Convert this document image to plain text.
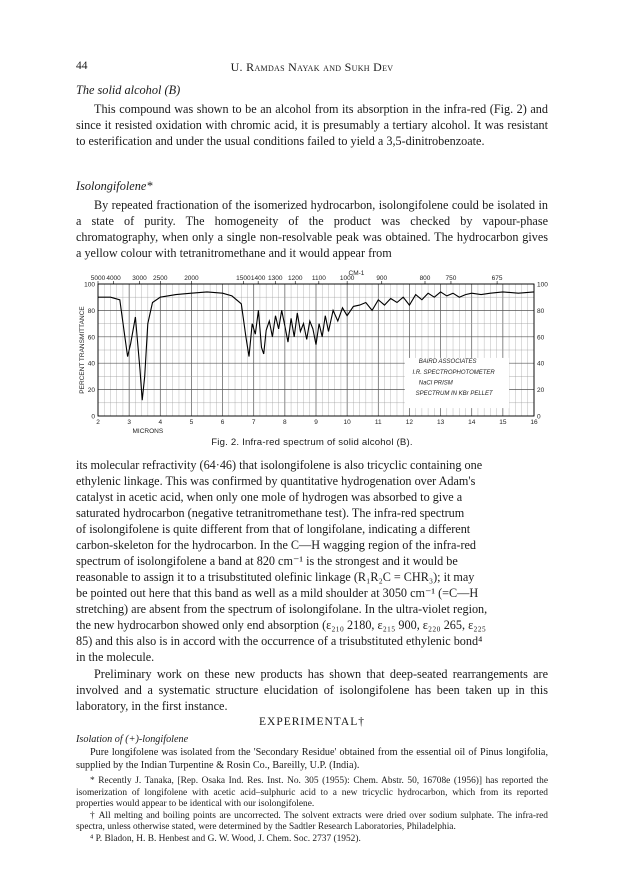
44	U. Ramdas Nayak and Sukh Dev
The solid alcohol (B)
This compound was shown to be an alcohol from its absorption in the infra-red (Fig. 2) and since it resisted oxidation with chromic acid, it is presumably a tertiary alcohol. It was resistant to esterification and under the usual conditions failed to yield a 3,5-dinitrobenzoate.
Isolongifolene*
By repeated fractionation of the isomerized hydrocarbon, isolongifolene could be isolated in a state of purity. The homogeneity of the product was checked by vapour-phase chromatography, when only a single non-resolvable peak was obtained. The hydrocarbon gives a yellow colour with tetranitromethane and it would appear from
5000 4000 3000 2500	2000	1500 1400 1300 1200 1100 1000	900	800 750	675
2	3	4	5	6	7	8	9	10	11	12	13	14	15	16
0
20
40
60
80
100
0
20
40
60
80
100
CM-1
MICRONS
PERCENT TRANSMITTANCE	BAIRD ASSOCIATES
I.R. SPECTROPHOTOMETER
NaCl PRISM
SPECTRUM IN KBr PELLET
Fig. 2. Infra-red spectrum of solid alcohol (B).
its molecular refractivity (64·46) that isolongifolene is also tricyclic containing one
ethylenic linkage. This was confirmed by quantitative hydrogenation over Adam's
catalyst in acetic acid, when only one mole of hydrogen was absorbed to give a
saturated hydrocarbon (negative tetranitromethane test). The infra-red spectrum
of isolongifolene is quite different from that of longifolane, indicating a different
carbon-skeleton for the hydrocarbon. In the C—H wagging region of the infra-red
spectrum of isolongifolene a band at 820 cm⁻¹ is the strongest and it would be
reasonable to assign it to a trisubstituted olefinic linkage (R₁R₂C = CHR₃); it may
be pointed out here that this band as well as a mild shoulder at 3050 cm⁻¹ (=C—H
stretching) are absent from the spectrum of isolongifolane. In the ultra-violet region,
the new hydrocarbon showed only end absorption (ε₂₁₀ 2180, ε₂₁₅ 900, ε₂₂₀ 265, ε₂₂₅
85) and this also is in accord with the occurrence of a trisubstituted ethylenic bond⁴
in the molecule.
Preliminary work on these new products has shown that deep-seated rearrangements are involved and a systematic structure elucidation of isolongifolene has been taken up in this laboratory, in the first instance.
EXPERIMENTAL†
Isolation of (+)-longifolene
Pure longifolene was isolated from the 'Secondary Residue' obtained from the essential oil of Pinus longifolia, supplied by the Indian Turpentine & Rosin Co., Bareilly, U.P. (India).
* Recently J. Tanaka, [Rep. Osaka Ind. Res. Inst. No. 305 (1955): Chem. Abstr. 50, 16708e (1956)] has reported the isomerization of longifolene with acetic acid–sulphuric acid to a new tricyclic hydrocarbon, which from its reported properties would appear to be identical with our isolongifolene.
† All melting and boiling points are uncorrected. The solvent extracts were dried over sodium sulphate. The infra-red spectra, unless otherwise stated, were determined by the Sadtler Research Laboratories, Philadelphia.
⁴ P. Bladon, H. B. Henbest and G. W. Wood, J. Chem. Soc. 2737 (1952).
